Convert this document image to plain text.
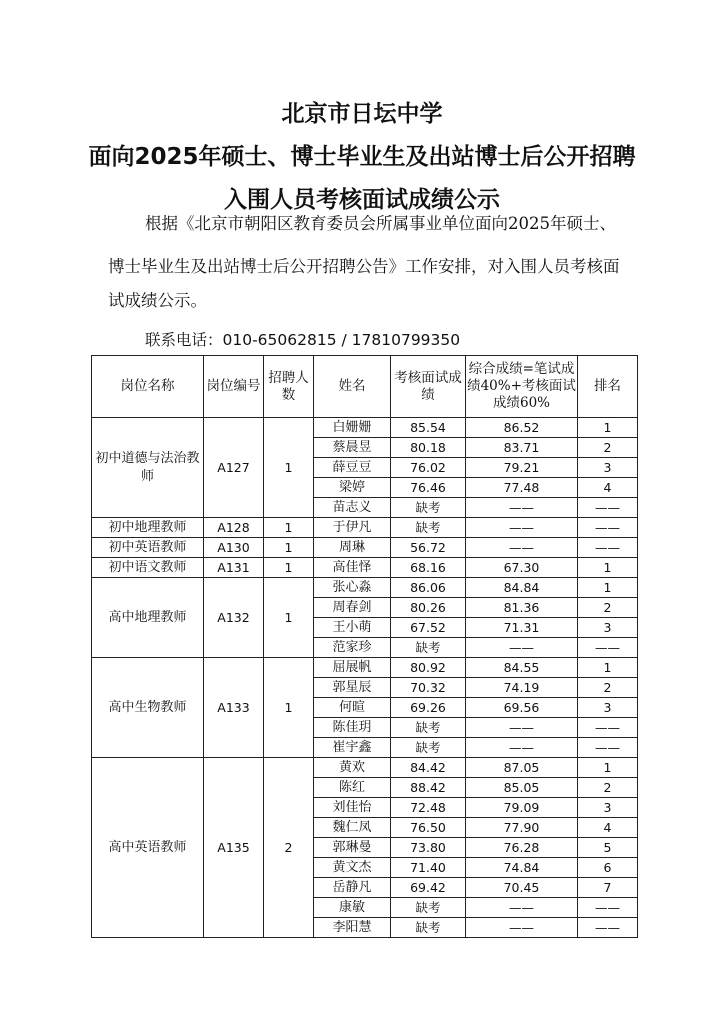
北京市日坛中学
面向2025年硕士、博士毕业生及出站博士后公开招聘
入围人员考核面试成绩公示
根据《北京市朝阳区教育委员会所属事业单位面向2025年硕士、
博士毕业生及出站博士后公开招聘公告》工作安排，对入围人员考核面
试成绩公示。
联系电话：010-65062815 / 17810799350
岗位名称	岗位编号	招聘人数	姓名	考核面试成绩	综合成绩=笔试成绩40%+考核面试成绩60%	排名
初中道德与法治教师	A127	1	白姗姗	85.54	86.52	1
			蔡晨昱	80.18	83.71	2
			薛豆豆	76.02	79.21	3
			梁婷	76.46	77.48	4
			苗志义	缺考	——	——
初中地理教师	A128	1	于伊凡	缺考	——	——
初中英语教师	A130	1	周琳	56.72	——	——
初中语文教师	A131	1	高佳怿	68.16	67.30	1
高中地理教师	A132	1	张心淼	86.06	84.84	1
			周春剑	80.26	81.36	2
			王小萌	67.52	71.31	3
			范家珍	缺考	——	——
高中生物教师	A133	1	屈展帆	80.92	84.55	1
			郭星辰	70.32	74.19	2
			何暄	69.26	69.56	3
			陈佳玥	缺考	——	——
			崔宇鑫	缺考	——	——
高中英语教师	A135	2	黄欢	84.42	87.05	1
			陈红	88.42	85.05	2
			刘佳怡	72.48	79.09	3
			魏仁凤	76.50	77.90	4
			郭琳曼	73.80	76.28	5
			黄文杰	71.40	74.84	6
			岳静凡	69.42	70.45	7
			康敏	缺考	——	——
			李阳慧	缺考	——	——
